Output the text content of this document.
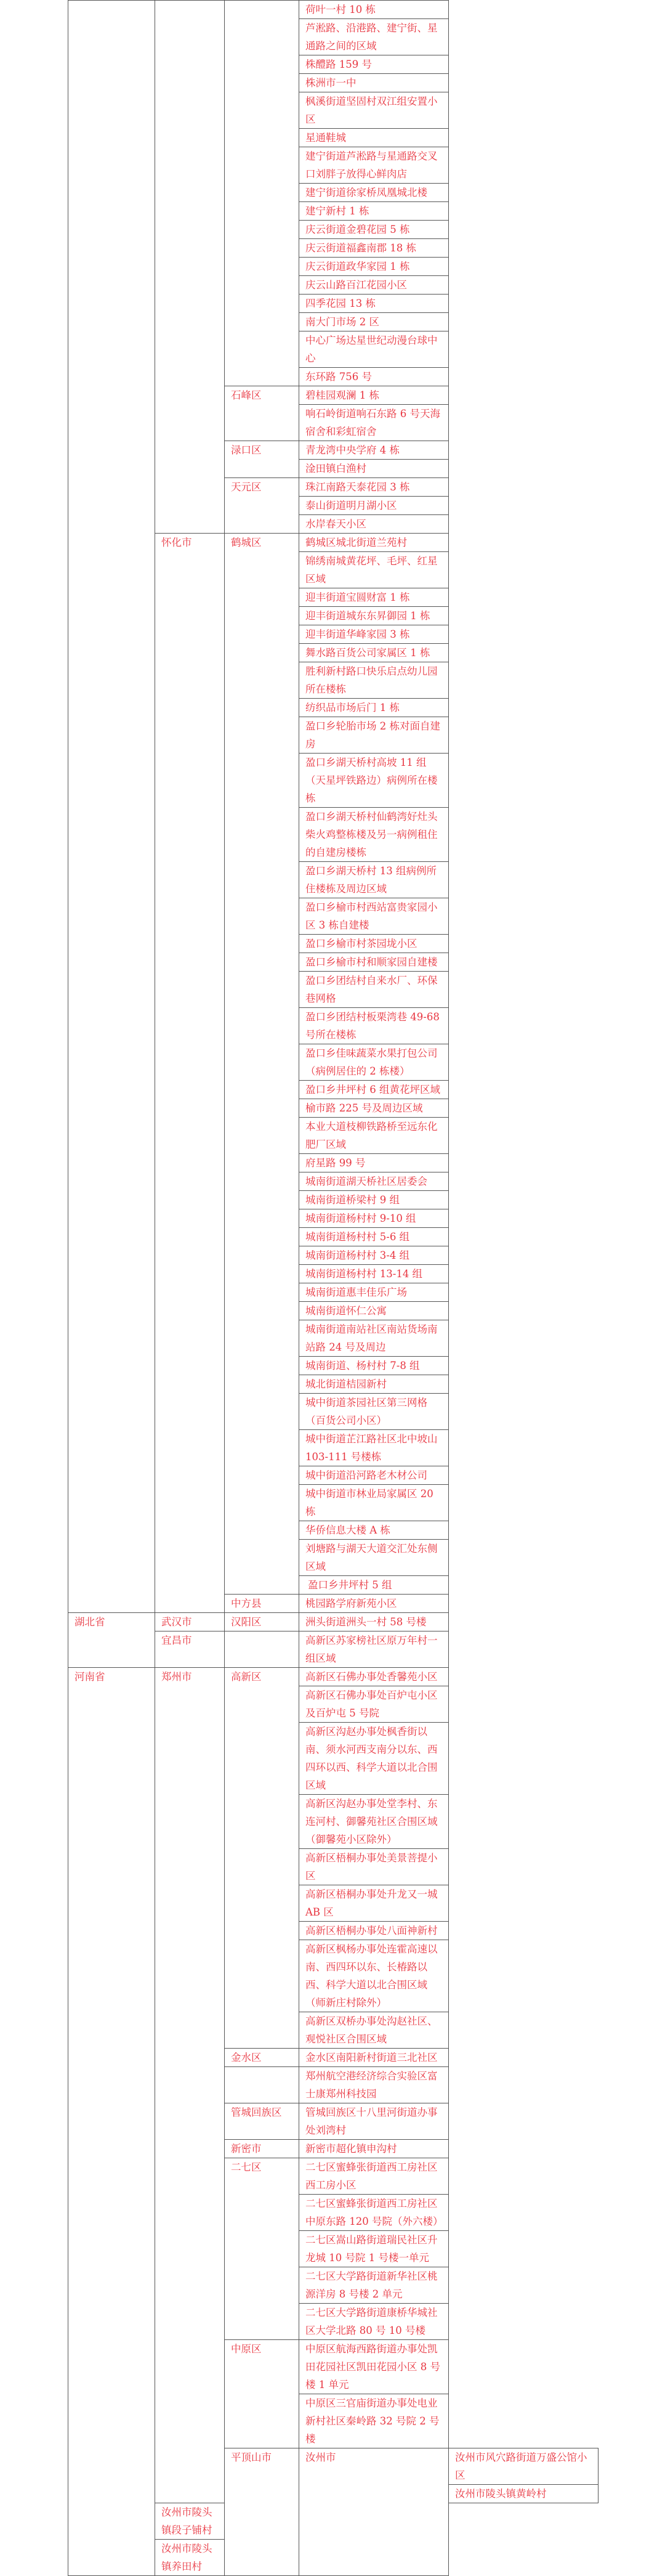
			荷叶一村 10 栋	
			芦淞路、沿港路、建宁街、星通路之间的区域	
			株醴路 159 号	
			株洲市一中	
			枫溪街道坚固村双江组安置小区	
			星通鞋城	
			建宁街道芦淞路与星通路交叉口刘胖子放得心鲜肉店	
			建宁街道徐家桥凤凰城北楼	
			建宁新村 1 栋	
			庆云街道金碧花园 5 栋	
			庆云街道福鑫南郡 18 栋	
			庆云街道政华家园 1 栋	
			庆云山路百江花园小区	
			四季花园 13 栋	
			南大门市场 2 区	
			中心广场达星世纪动漫台球中心	
			东环路 756 号	
		石峰区	碧桂园观澜 1 栋	
			响石岭街道响石东路 6 号天海宿舍和彩虹宿舍	
		渌口区	青龙湾中央学府 4 栋	
			淦田镇白渔村	
		天元区	珠江南路天泰花园 3 栋	
			泰山街道明月湖小区	
			水岸春天小区	
	怀化市	鹤城区	鹤城区城北街道兰苑村	
			锦绣南城黄花坪、毛坪、红星区域	
			迎丰街道宝圆财富 1 栋	
			迎丰街道城东东昇御园 1 栋	
			迎丰街道华峰家园 3 栋	
			舞水路百货公司家属区 1 栋	
			胜利新村路口快乐启点幼儿园所在楼栋	
			纺织品市场后门 1 栋	
			盈口乡轮胎市场 2 栋对面自建房	
			盈口乡湖天桥村高坡 11 组（天星坪铁路边）病例所在楼栋	
			盈口乡湖天桥村仙鹤湾好灶头柴火鸡整栋楼及另一病例租住的自建房楼栋	
			盈口乡湖天桥村 13 组病例所住楼栋及周边区域	
			盈口乡榆市村西站富贵家园小区 3 栋自建楼	
			盈口乡榆市村茶园垅小区	
			盈口乡榆市村和顺家园自建楼	
			盈口乡团结村自来水厂、环保巷网格	
			盈口乡团结村板栗湾巷 49-68 号所在楼栋	
			盈口乡佳味蔬菜水果打包公司（病例居住的 2 栋楼）	
			盈口乡井坪村 6 组黄花坪区域	
			榆市路 225 号及周边区域	
			本业大道枝柳铁路桥至远东化肥厂区域	
			府星路 99 号	
			城南街道湖天桥社区居委会	
			城南街道桥梁村 9 组	
			城南街道杨村村 9-10 组	
			城南街道杨村村 5-6 组	
			城南街道杨村村 3-4 组	
			城南街道杨村村 13-14 组	
			城南街道惠丰佳乐广场	
			城南街道怀仁公寓	
			城南街道南站社区南站货场南站路 24 号及周边	
			城南街道、杨村村 7-8 组	
			城北街道桔园新村	
			城中街道茶园社区第三网格（百货公司小区）	
			城中街道芷江路社区北中坡山 103-111 号楼栋	
			城中街道沿河路老木材公司	
			城中街道市林业局家属区 20 栋	
			华侨信息大楼 A 栋	
			刘塘路与湖天大道交汇处东侧区域	
			盈口乡井坪村 5 组	
		中方县	桃园路学府新苑小区	
湖北省	武汉市	汉阳区	洲头街道洲头一村 58 号楼	
	宜昌市		高新区苏家榜社区原万年村一组区域	
河南省	郑州市	高新区	高新区石佛办事处香馨苑小区	
			高新区石佛办事处百炉屯小区及百炉屯 5 号院	
			高新区沟赵办事处枫香街以南、须水河西支南分以东、西四环以西、科学大道以北合围区域	
			高新区沟赵办事处堂李村、东连河村、御馨苑社区合围区域（御馨苑小区除外）	
			高新区梧桐办事处美景菩提小区	
			高新区梧桐办事处升龙又一城 AB 区	
			高新区梧桐办事处八面神新村	
			高新区枫杨办事处连霍高速以南、西四环以东、长椿路以西、科学大道以北合围区域（师新庄村除外）	
			高新区双桥办事处沟赵社区、观悦社区合围区域	
		金水区	金水区南阳新村街道三北社区	
			郑州航空港经济综合实验区富士康郑州科技园	
		管城回族区	管城回族区十八里河街道办事处刘湾村	
		新密市	新密市超化镇申沟村	
		二七区	二七区蜜蜂张街道西工房社区西工房小区	
			二七区蜜蜂张街道西工房社区中原东路 120 号院（外六楼）	
			二七区嵩山路街道瑞民社区升龙城 10 号院 1 号楼一单元	
			二七区大学路街道新华社区桃源洋房 8 号楼 2 单元	
			二七区大学路街道康桥华城社区大学北路 80 号 10 号楼	
		中原区	中原区航海西路街道办事处凯田花园社区凯田花园小区 8 号楼 1 单元	
			中原区三官庙街道办事处电业新村社区秦岭路 32 号院 2 号楼	
		平顶山市	汝州市	汝州市风穴路街道万盛公馆小区
				汝州市陵头镇黄岭村
	汝州市陵头镇段子铺村			
	汝州市陵头镇养田村			
